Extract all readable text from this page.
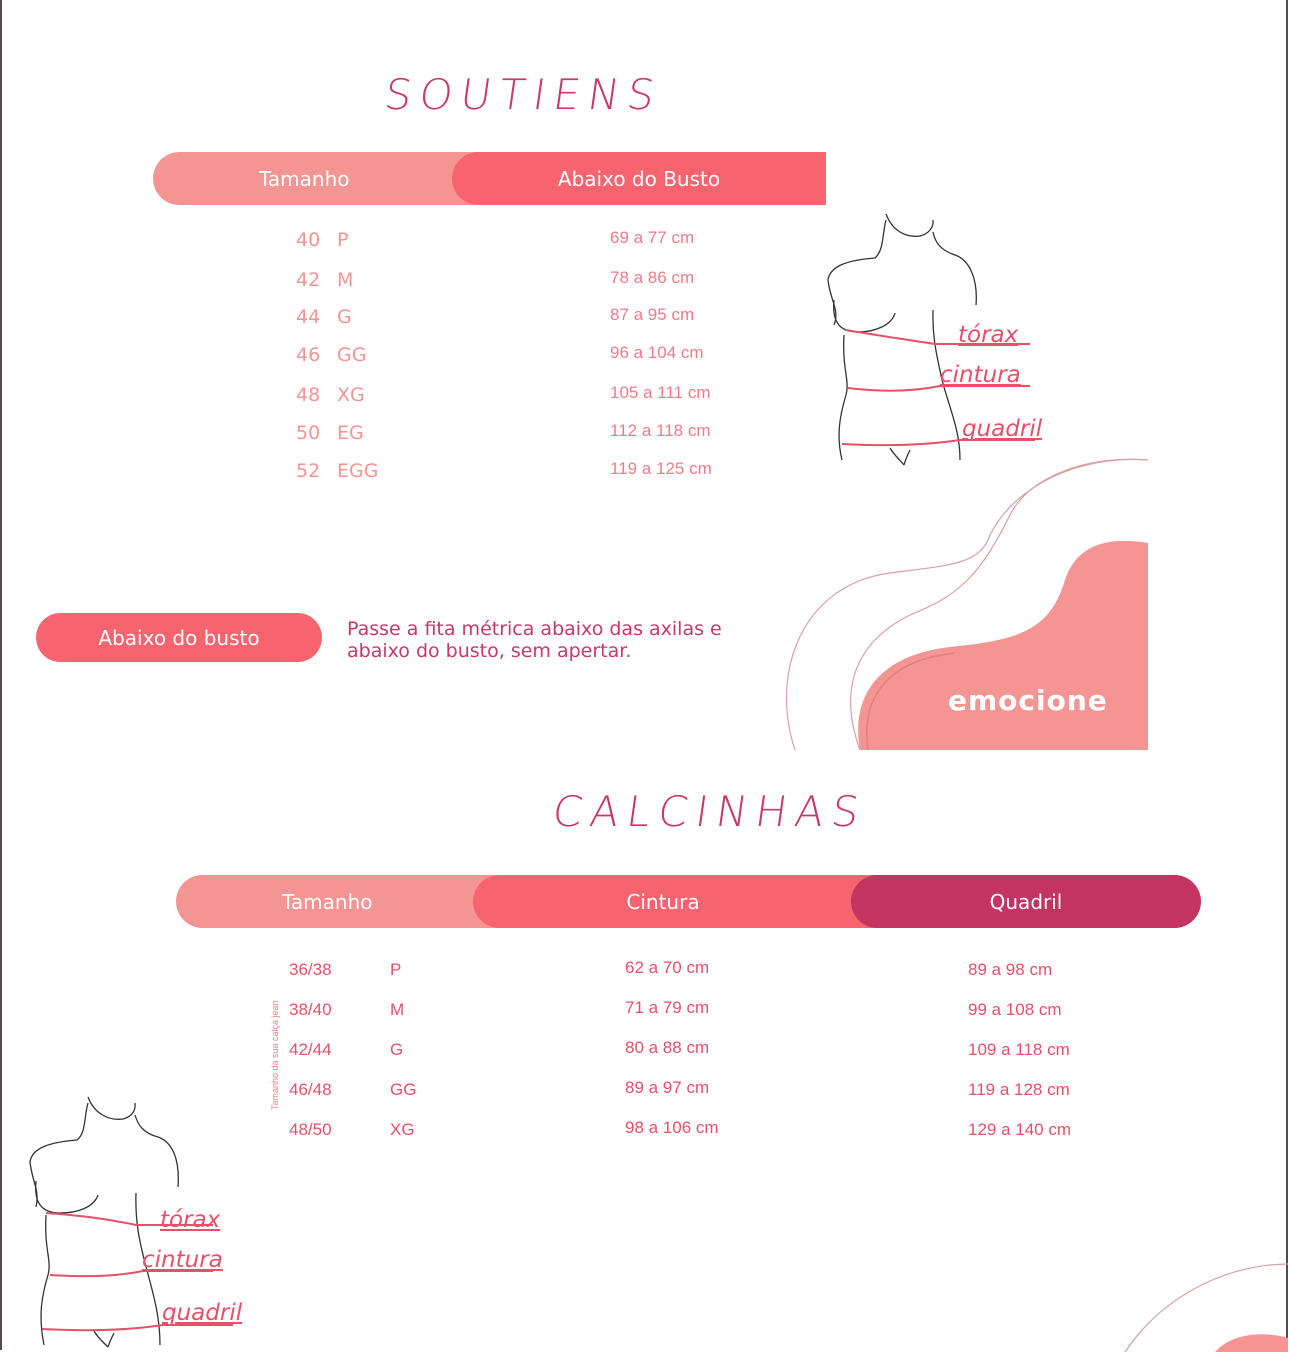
SOUTIENS
Tamanho	Abaixo do Busto
40 P	69 a 77 cm
42 M	78 a 86 cm
44 G	87 a 95 cm
46 GG	96 a 104 cm
48 XG	105 a 111 cm
50 EG	112 a 118 cm
52 EGG	119 a 125 cm
Abaixo do busto	Passe a fita métrica abaixo das axilas e abaixo do busto, sem apertar.
tórax
cintura
quadril
emocione
CALCINHAS
Tamanho	Cintura	Quadril
Tamanho da sua calça jean
36/38	P	62 a 70 cm	89 a 98 cm
38/40	M	71 a 79 cm	99 a 108 cm
42/44	G	80 a 88 cm	109 a 118 cm
46/48	GG	89 a 97 cm	119 a 128 cm
48/50	XG	98 a 106 cm	129 a 140 cm
tórax
cintura
quadril
